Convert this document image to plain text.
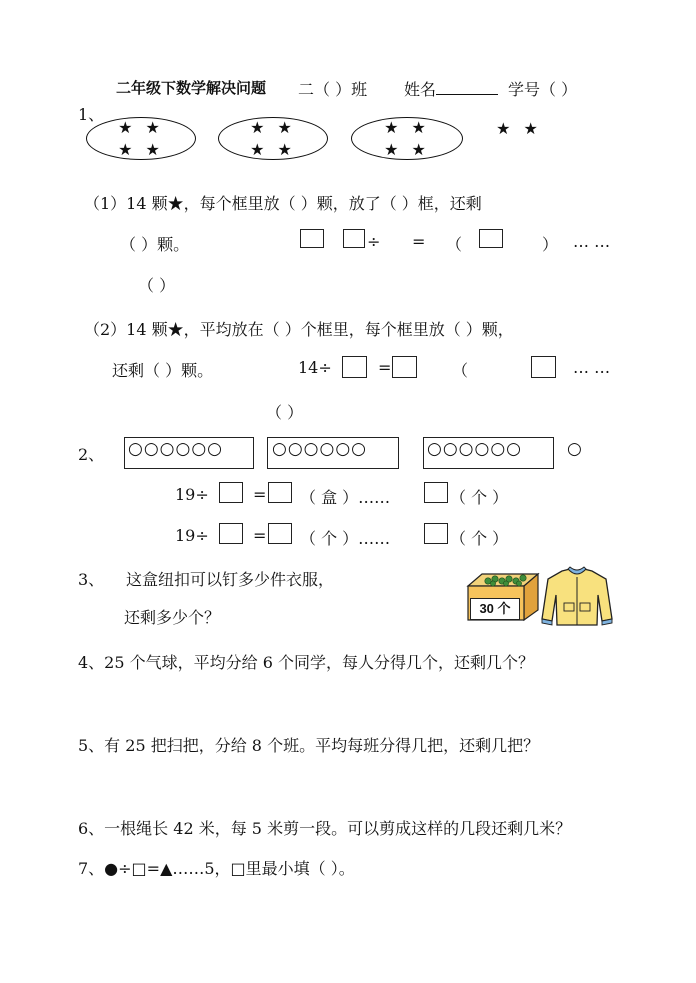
二年级下数学解决问题 二（ ）班 姓名	学号（ ）
1、
★ ★
★ ★
★ ★
★ ★
★ ★
★ ★
★ ★
（1）14 颗★，每个框里放（ ）颗，放了（ ）框，还剩
（ ）颗。	÷ = （	） … …
（ ）
（2）14 颗★，平均放在（ ）个框里，每个框里放（ ）颗，
还剩（ ）颗。	14÷	=	（	… …
（ ）
2、 ○○○○○○	○○○○○○	○○○○○○	○
19÷	= （ 盒 ）……	（ 个 ）
19÷	= （ 个 ）……	（ 个 ）
3、 这盒纽扣可以钉多少件衣服，
还剩多少个？	30 个
4、25 个气球，平均分给 6 个同学，每人分得几个，还剩几个？
5、有 25 把扫把，分给 8 个班。平均每班分得几把，还剩几把？
6、一根绳长 42 米，每 5 米剪一段。可以剪成这样的几段还剩几米？
7、●÷□=▲……5，□里最小填（ ）。
